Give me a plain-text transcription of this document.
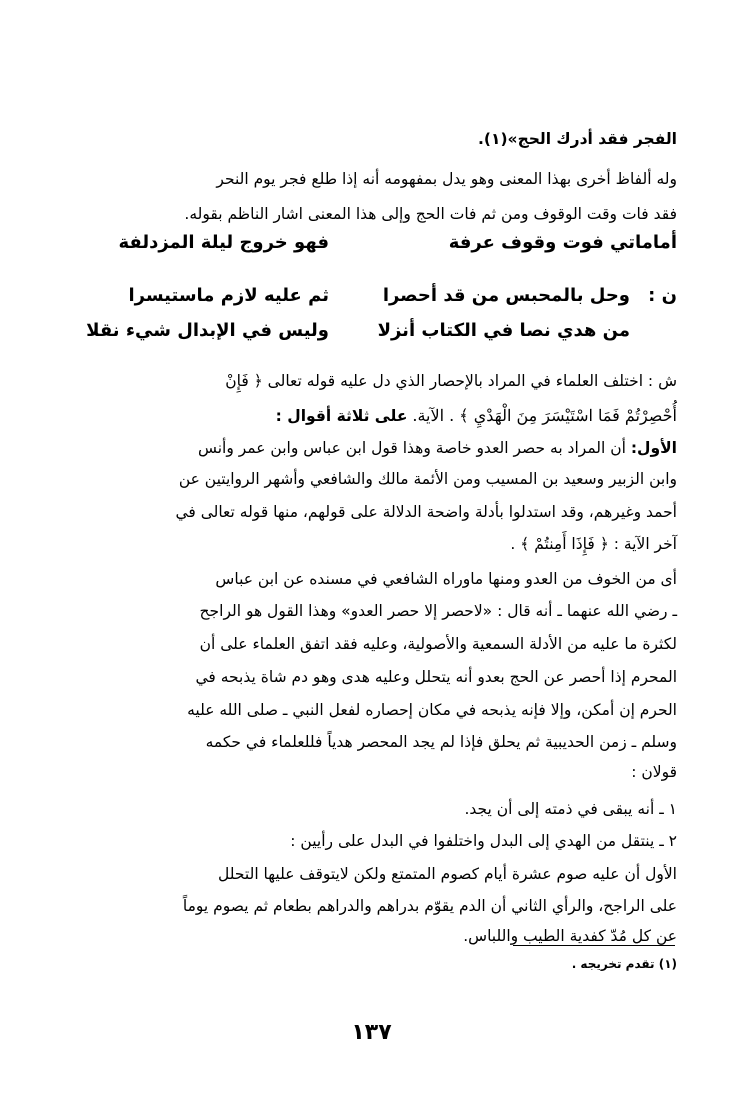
الفجر فقد أدرك الحج»(١).
وله ألفاظ أخرى بهذا المعنى وهو يدل بمفهومه أنه إذا طلع فجر يوم النحر
فقد فات وقت الوقوف ومن ثم فات الحج وإلى هذا المعنى اشار الناظم بقوله.
أماماتي فوت وقوف عرفة
فهو خروج ليلة المزدلفة
ن :
وحل بالمحبس من قد أحصرا
ثم عليه لازم ماستيسرا
من هدي نصا في الكتاب أنزلا
وليس في الإبدال شيء نقلا
ش : اختلف العلماء في المراد بالإحصار الذي دل عليه قوله تعالى ﴿ فَإِنْ
أُحْصِرْتُمْ فَمَا اسْتَيْسَرَ مِنَ الْهَدْيِ ﴾ . الآية. على ثلاثة أقوال :
الأول: أن المراد به حصر العدو خاصة وهذا قول ابن عباس وابن عمر وأنس
وابن الزبير وسعيد بن المسيب ومن الأئمة مالك والشافعي وأشهر الروايتين عن
أحمد وغيرهم، وقد استدلوا بأدلة واضحة الدلالة على قولهم، منها قوله تعالى في
آخر الآية : ﴿ فَإِذَا أَمِنتُمْ ﴾ .
أى من الخوف من العدو ومنها ماوراه الشافعي في مسنده عن ابن عباس
ـ رضي الله عنهما ـ أنه قال : «لاحصر إلا حصر العدو» وهذا القول هو الراجح
لكثرة ما عليه من الأدلة السمعية والأصولية، وعليه فقد اتفق العلماء على أن
المحرم إذا أحصر عن الحج بعدو أنه يتحلل وعليه هدى وهو دم شاة يذبحه في
الحرم إن أمكن، وإلا فإنه يذبحه في مكان إحصاره لفعل النبي ـ صلى الله عليه
وسلم ـ زمن الحديبية ثم يحلق فإذا لم يجد المحصر هدياً فللعلماء في حكمه
قولان :
١ ـ أنه يبقى في ذمته إلى أن يجد.
٢ ـ ينتقل من الهدي إلى البدل واختلفوا في البدل على رأيين :
الأول أن عليه صوم عشرة أيام كصوم المتمتع ولكن لايتوقف عليها التحلل
على الراجح، والرأي الثاني أن الدم يقوّم بدراهم والدراهم بطعام ثم يصوم يوماً
عن كل مُدّ كفدية الطيب واللباس.
(١) تقدم تخريجه .
١٣٧
